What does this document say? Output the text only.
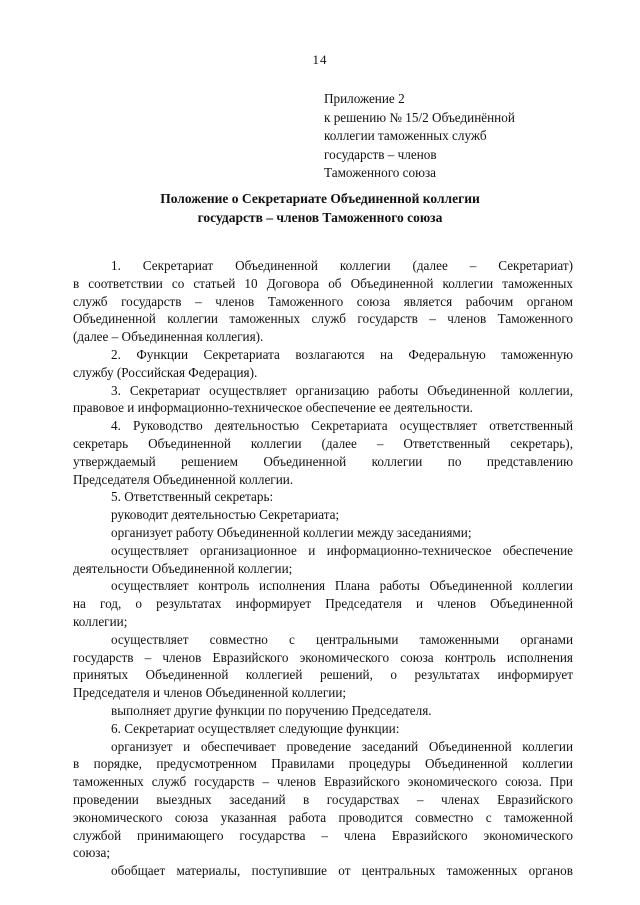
14
Приложение 2
к решению № 15/2 Объединённой
коллегии таможенных служб
государств – членов
Таможенного союза
Положение о Секретариате Объединенной коллегии
государств – членов Таможенного союза
1. Секретариат Объединенной коллегии (далее – Секретариат)
в соответствии со статьей 10 Договора об Объединенной коллегии таможенных
служб государств – членов Таможенного союза является рабочим органом
Объединенной коллегии таможенных служб государств – членов Таможенного
(далее – Объединенная коллегия).
2. Функции Секретариата возлагаются на Федеральную таможенную
службу (Российская Федерация).
3. Секретариат осуществляет организацию работы Объединенной коллегии,
правовое и информационно-техническое обеспечение ее деятельности.
4. Руководство деятельностью Секретариата осуществляет ответственный
секретарь Объединенной коллегии (далее – Ответственный секретарь),
утверждаемый решением Объединенной коллегии по представлению
Председателя Объединенной коллегии.
5. Ответственный секретарь:
руководит деятельностью Секретариата;
организует работу Объединенной коллегии между заседаниями;
осуществляет организационное и информационно-техническое обеспечение
деятельности Объединенной коллегии;
осуществляет контроль исполнения Плана работы Объединенной коллегии
на год, о результатах информирует Председателя и членов Объединенной
коллегии;
осуществляет совместно с центральными таможенными органами
государств – членов Евразийского экономического союза контроль исполнения
принятых Объединенной коллегией решений, о результатах информирует
Председателя и членов Объединенной коллегии;
выполняет другие функции по поручению Председателя.
6. Секретариат осуществляет следующие функции:
организует и обеспечивает проведение заседаний Объединенной коллегии
в порядке, предусмотренном Правилами процедуры Объединенной коллегии
таможенных служб государств – членов Евразийского экономического союза. При
проведении выездных заседаний в государствах – членах Евразийского
экономического союза указанная работа проводится совместно с таможенной
службой принимающего государства – члена Евразийского экономического
союза;
обобщает материалы, поступившие от центральных таможенных органов
